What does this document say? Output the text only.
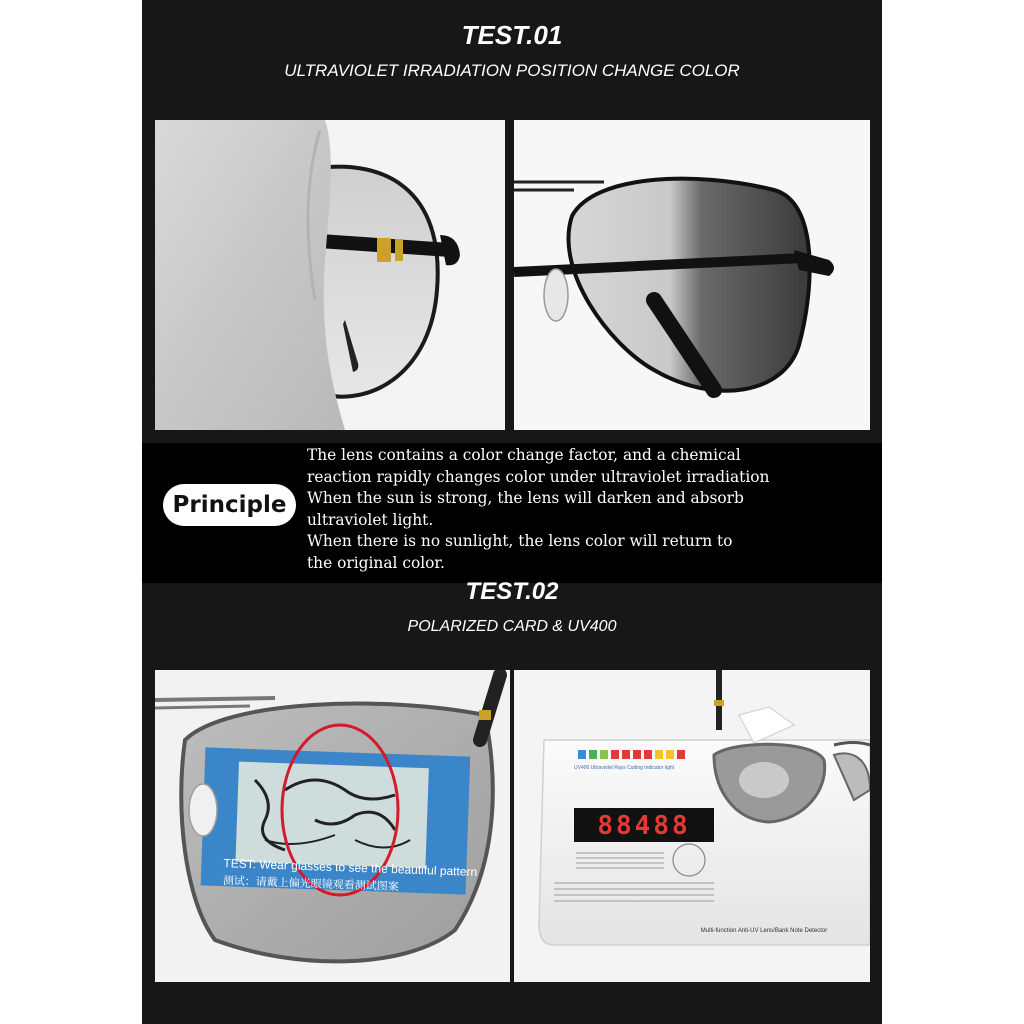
TEST.01
ULTRAVIOLET IRRADIATION POSITION CHANGE COLOR
Principle
The lens contains a color change factor, and a chemical
reaction rapidly changes color under ultraviolet irradiation
When the sun is strong, the lens will darken and absorb
ultraviolet light.
When there is no sunlight, the lens color will return to
the original color.
TEST.02
POLARIZED CARD & UV400
TEST: Wear glasses to see the beautiful pattern
测试：请戴上偏光眼镜观看测试图案
UV400 Ultraviolet Rays Cutting Indicator light
88488
Multi-function Anti-UV Lens/Bank Note Detector
